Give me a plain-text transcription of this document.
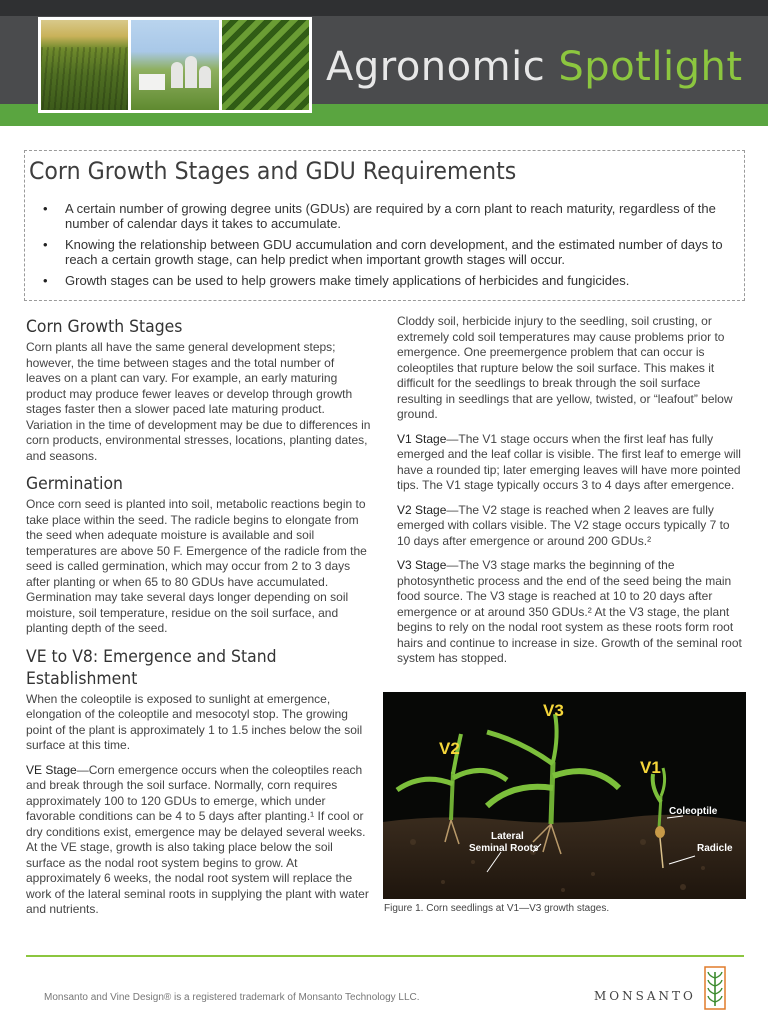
Agronomic Spotlight
Corn Growth Stages and GDU Requirements
• A certain number of growing degree units (GDUs) are required by a corn plant to reach maturity, regardless of the number of calendar days it takes to accumulate.
• Knowing the relationship between GDU accumulation and corn development, and the estimated number of days to reach a certain growth stage, can help predict when important growth stages will occur.
• Growth stages can be used to help growers make timely applications of herbicides and fungicides.
Corn Growth Stages

Corn plants all have the same general development steps; however, the time between stages and the total number of leaves on a plant can vary. For example, an early maturing product may produce fewer leaves or develop through growth stages faster then a slower paced late maturing product. Variation in the time of development may be due to differences in corn products, environmental stresses, locations, planting dates, and seasons.

Germination

Once corn seed is planted into soil, metabolic reactions begin to take place within the seed. The radicle begins to elongate from the seed when adequate moisture is available and soil temperatures are above 50 F. Emergence of the radicle from the seed is called germination, which may occur from 2 to 3 days after planting or when 65 to 80 GDUs have accumulated. Germination may take several days longer depending on soil moisture, soil temperature, residue on the soil surface, and planting depth of the seed.

VE to V8: Emergence and Stand Establishment

When the coleoptile is exposed to sunlight at emergence, elongation of the coleoptile and mesocotyl stop. The growing point of the plant is approximately 1 to 1.5 inches below the soil surface at this time.

VE Stage—Corn emergence occurs when the coleoptiles reach and break through the soil surface. Normally, corn requires approximately 100 to 120 GDUs to emerge, which under favorable conditions can be 4 to 5 days after planting.¹ If cool or dry conditions exist, emergence may be delayed several weeks. At the VE stage, growth is also taking place below the soil surface as the nodal root system begins to grow. At approximately 6 weeks, the nodal root system will replace the work of the lateral seminal roots in supplying the plant with water and nutrients.

Cloddy soil, herbicide injury to the seedling, soil crusting, or extremely cold soil temperatures may cause problems prior to emergence. One preemergence problem that can occur is coleoptiles that rupture below the soil surface. This makes it difficult for the seedlings to break through the soil surface resulting in seedlings that are yellow, twisted, or “leafout” below ground.

V1 Stage—The V1 stage occurs when the first leaf has fully emerged and the leaf collar is visible. The first leaf to emerge will have a rounded tip; later emerging leaves will have more pointed tips. The V1 stage typically occurs 3 to 4 days after emergence.

V2 Stage—The V2 stage is reached when 2 leaves are fully emerged with collars visible. The V2 stage occurs typically 7 to 10 days after emergence or around 200 GDUs.²

V3 Stage—The V3 stage marks the beginning of the photosynthetic process and the end of the seed being the main food source. The V3 stage is reached at 10 to 20 days after emergence or at around 350 GDUs.² At the V3 stage, the plant begins to rely on the nodal root system as these roots form root hairs and continue to increase in size. Growth of the seminal root system has stopped.

V2
V3
V1
Coleoptile
Lateral
Seminal Roots	Radicle
Figure 1. Corn seedlings at V1—V3 growth stages.
Monsanto and Vine Design® is a registered trademark of Monsanto Technology LLC.	MONSANTO
